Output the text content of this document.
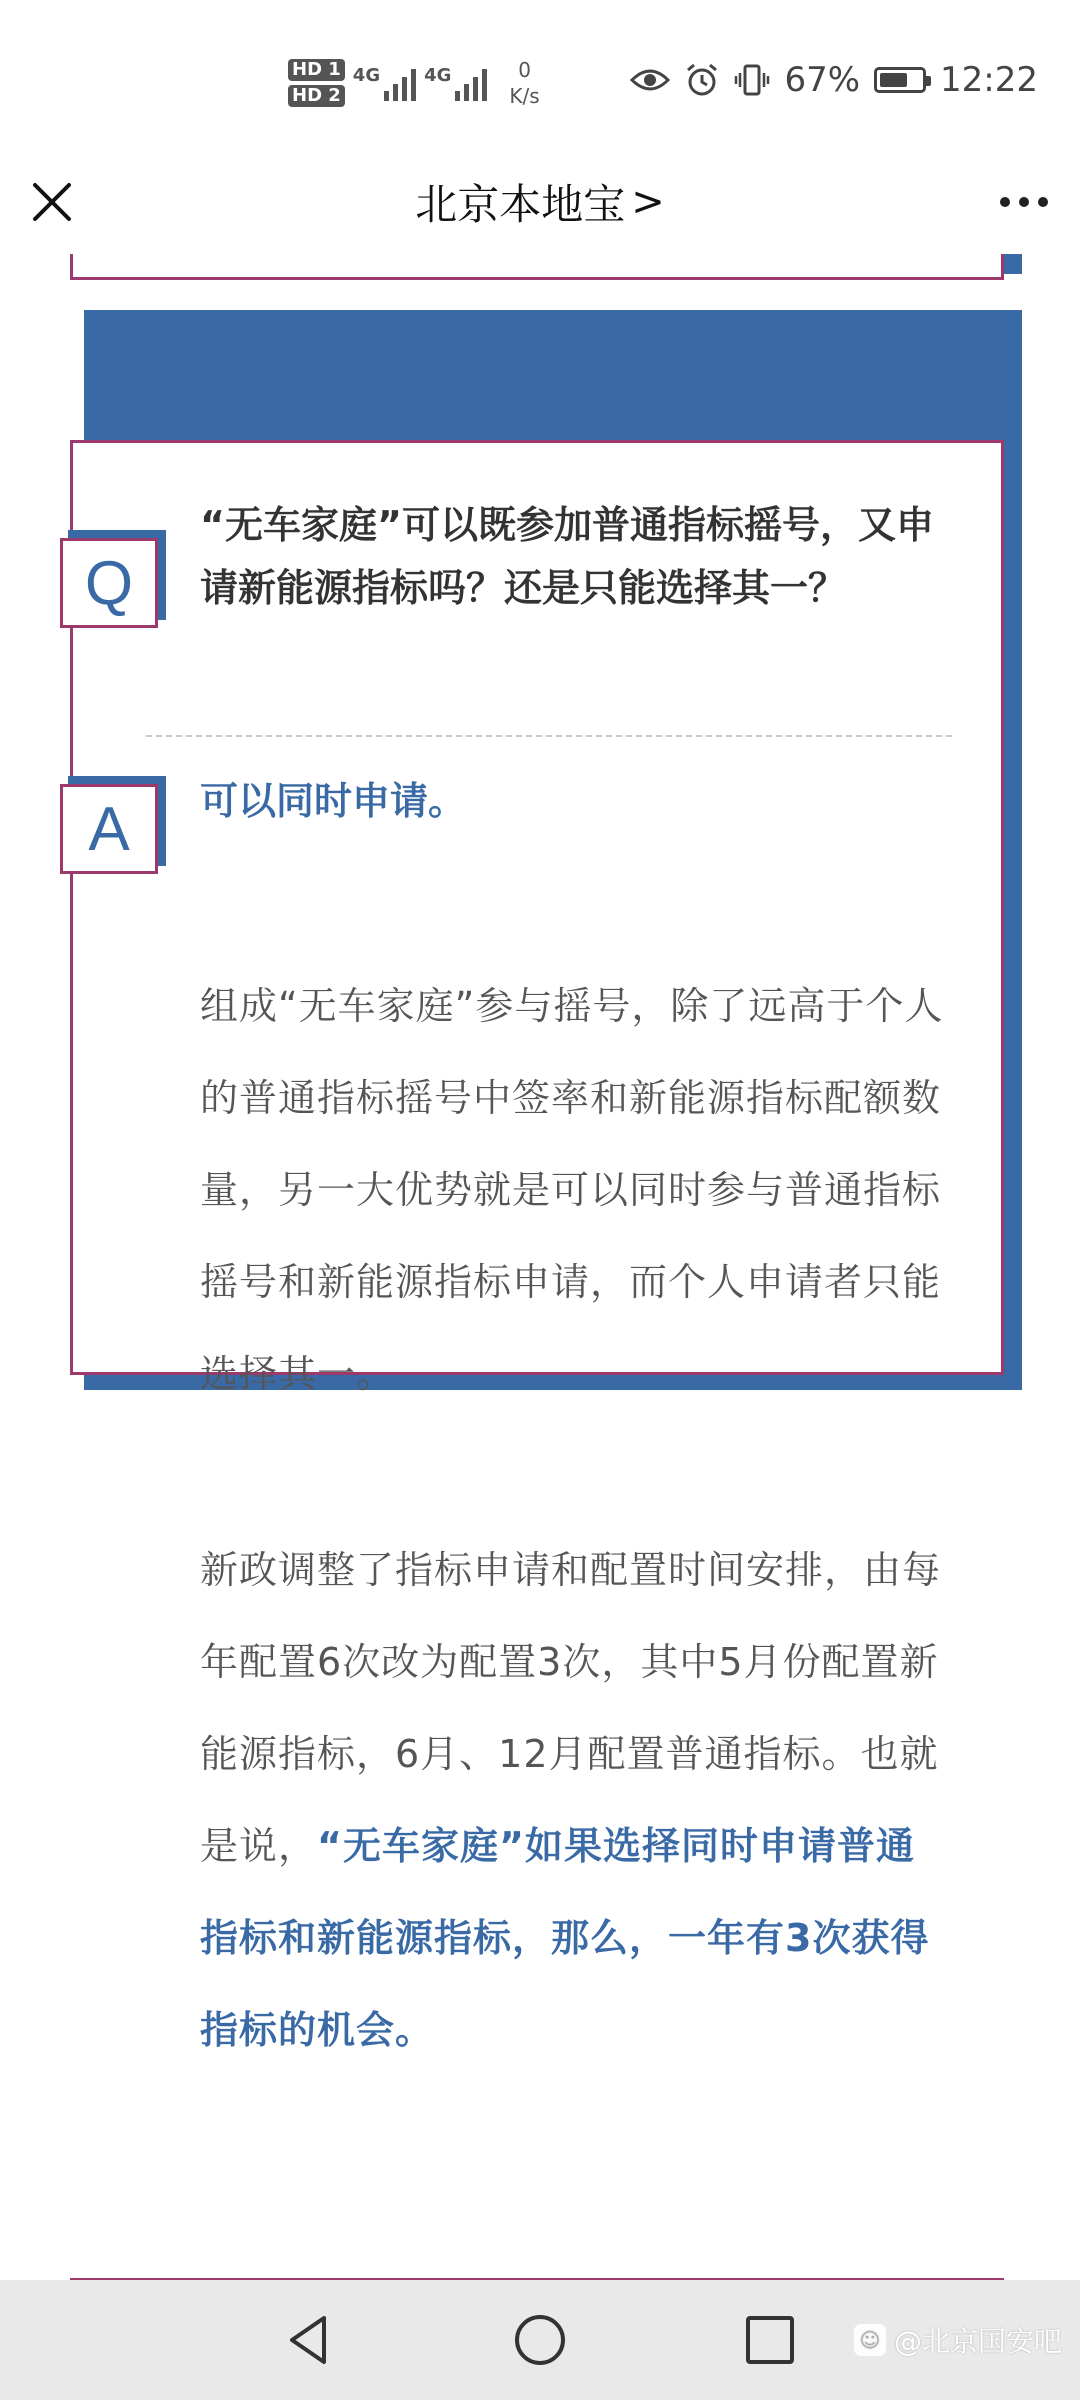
HD 1
HD 2
4G 4G	0
K/s	67% 12:22
北京本地宝 >
Q
“无车家庭”可以既参加普通指标摇号，又申请新能源指标吗？还是只能选择其一？
A	可以同时申请。
组成“无车家庭”参与摇号，除了远高于个人的普通指标摇号中签率和新能源指标配额数量，另一大优势就是可以同时参与普通指标摇号和新能源指标申请，而个人申请者只能选择其一。
新政调整了指标申请和配置时间安排，由每年配置6次改为配置3次，其中5月份配置新能源指标，6月、12月配置普通指标。也就是说，“无车家庭”如果选择同时申请普通指标和新能源指标，那么，一年有3次获得指标的机会。
☺ @北京国安吧
